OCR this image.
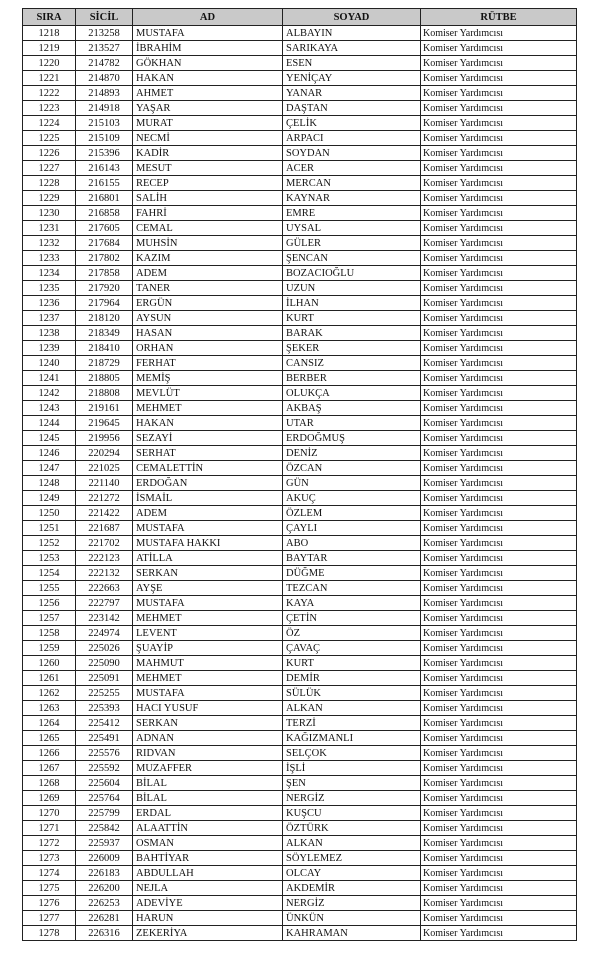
SIRA	SİCİL	AD	SOYAD	RÜTBE
1218	213258	MUSTAFA	ALBAYIN	Komiser Yardımcısı
1219	213527	İBRAHİM	SARIKAYA	Komiser Yardımcısı
1220	214782	GÖKHAN	ESEN	Komiser Yardımcısı
1221	214870	HAKAN	YENİÇAY	Komiser Yardımcısı
1222	214893	AHMET	YANAR	Komiser Yardımcısı
1223	214918	YAŞAR	DAŞTAN	Komiser Yardımcısı
1224	215103	MURAT	ÇELİK	Komiser Yardımcısı
1225	215109	NECMİ	ARPACI	Komiser Yardımcısı
1226	215396	KADİR	SOYDAN	Komiser Yardımcısı
1227	216143	MESUT	ACER	Komiser Yardımcısı
1228	216155	RECEP	MERCAN	Komiser Yardımcısı
1229	216801	SALİH	KAYNAR	Komiser Yardımcısı
1230	216858	FAHRİ	EMRE	Komiser Yardımcısı
1231	217605	CEMAL	UYSAL	Komiser Yardımcısı
1232	217684	MUHSİN	GÜLER	Komiser Yardımcısı
1233	217802	KAZIM	ŞENCAN	Komiser Yardımcısı
1234	217858	ADEM	BOZACIOĞLU	Komiser Yardımcısı
1235	217920	TANER	UZUN	Komiser Yardımcısı
1236	217964	ERGÜN	İLHAN	Komiser Yardımcısı
1237	218120	AYSUN	KURT	Komiser Yardımcısı
1238	218349	HASAN	BARAK	Komiser Yardımcısı
1239	218410	ORHAN	ŞEKER	Komiser Yardımcısı
1240	218729	FERHAT	CANSIZ	Komiser Yardımcısı
1241	218805	MEMİŞ	BERBER	Komiser Yardımcısı
1242	218808	MEVLÜT	OLUKÇA	Komiser Yardımcısı
1243	219161	MEHMET	AKBAŞ	Komiser Yardımcısı
1244	219645	HAKAN	UTAR	Komiser Yardımcısı
1245	219956	SEZAYİ	ERDOĞMUŞ	Komiser Yardımcısı
1246	220294	SERHAT	DENİZ	Komiser Yardımcısı
1247	221025	CEMALETTİN	ÖZCAN	Komiser Yardımcısı
1248	221140	ERDOĞAN	GÜN	Komiser Yardımcısı
1249	221272	İSMAİL	AKUÇ	Komiser Yardımcısı
1250	221422	ADEM	ÖZLEM	Komiser Yardımcısı
1251	221687	MUSTAFA	ÇAYLI	Komiser Yardımcısı
1252	221702	MUSTAFA HAKKI	ABO	Komiser Yardımcısı
1253	222123	ATİLLA	BAYTAR	Komiser Yardımcısı
1254	222132	SERKAN	DÜĞME	Komiser Yardımcısı
1255	222663	AYŞE	TEZCAN	Komiser Yardımcısı
1256	222797	MUSTAFA	KAYA	Komiser Yardımcısı
1257	223142	MEHMET	ÇETİN	Komiser Yardımcısı
1258	224974	LEVENT	ÖZ	Komiser Yardımcısı
1259	225026	ŞUAYİP	ÇAVAÇ	Komiser Yardımcısı
1260	225090	MAHMUT	KURT	Komiser Yardımcısı
1261	225091	MEHMET	DEMİR	Komiser Yardımcısı
1262	225255	MUSTAFA	SÜLÜK	Komiser Yardımcısı
1263	225393	HACI YUSUF	ALKAN	Komiser Yardımcısı
1264	225412	SERKAN	TERZİ	Komiser Yardımcısı
1265	225491	ADNAN	KAĞIZMANLI	Komiser Yardımcısı
1266	225576	RIDVAN	SELÇOK	Komiser Yardımcısı
1267	225592	MUZAFFER	İŞLİ	Komiser Yardımcısı
1268	225604	BİLAL	ŞEN	Komiser Yardımcısı
1269	225764	BİLAL	NERGİZ	Komiser Yardımcısı
1270	225799	ERDAL	KUŞCU	Komiser Yardımcısı
1271	225842	ALAATTİN	ÖZTÜRK	Komiser Yardımcısı
1272	225937	OSMAN	ALKAN	Komiser Yardımcısı
1273	226009	BAHTİYAR	SÖYLEMEZ	Komiser Yardımcısı
1274	226183	ABDULLAH	OLCAY	Komiser Yardımcısı
1275	226200	NEJLA	AKDEMİR	Komiser Yardımcısı
1276	226253	ADEVİYE	NERGİZ	Komiser Yardımcısı
1277	226281	HARUN	ÜNKÜN	Komiser Yardımcısı
1278	226316	ZEKERİYA	KAHRAMAN	Komiser Yardımcısı
